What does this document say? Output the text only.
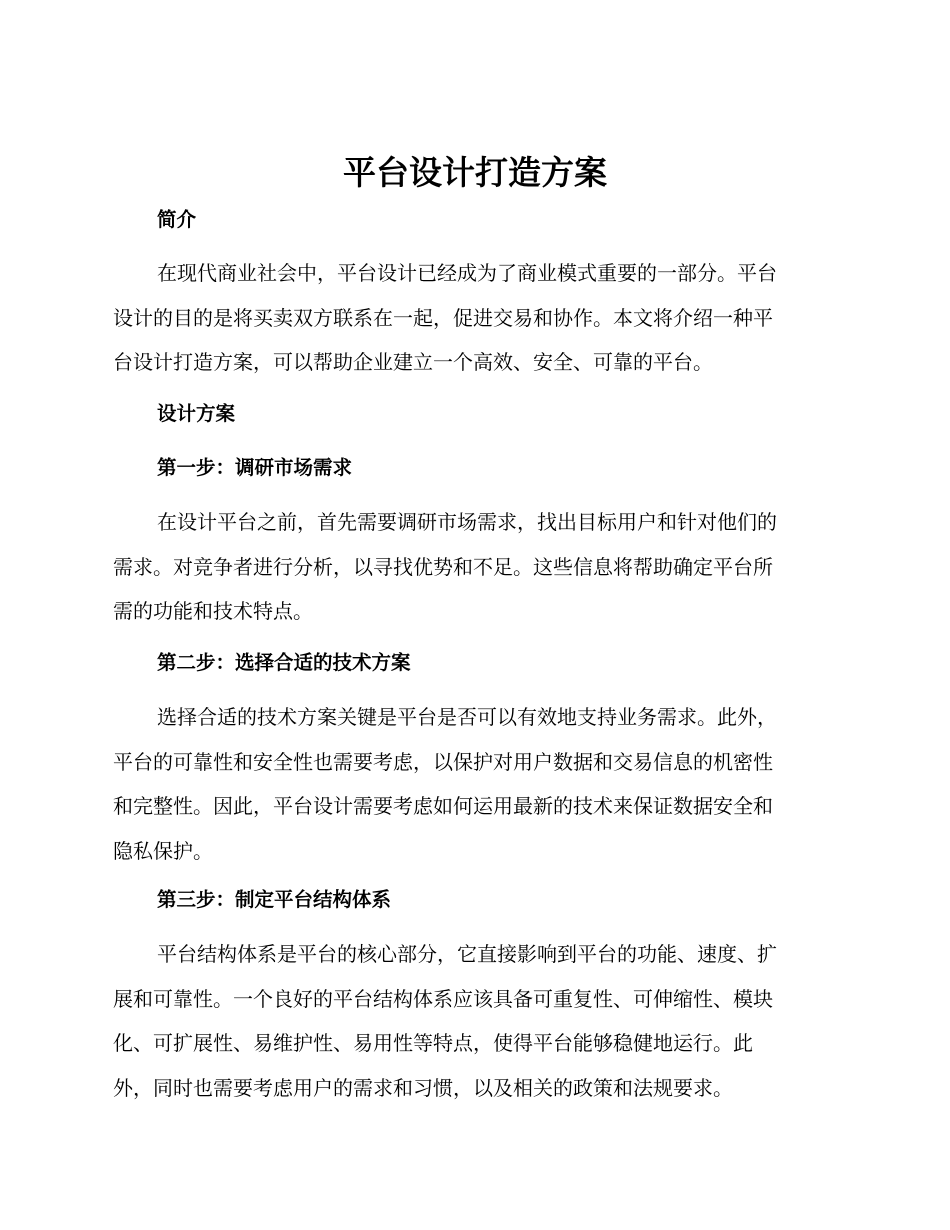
平台设计打造方案
简介
在现代商业社会中，平台设计已经成为了商业模式重要的一部分。平台
设计的目的是将买卖双方联系在一起，促进交易和协作。本文将介绍一种平
台设计打造方案，可以帮助企业建立一个高效、安全、可靠的平台。
设计方案
第一步：调研市场需求
在设计平台之前，首先需要调研市场需求，找出目标用户和针对他们的
需求。对竞争者进行分析，以寻找优势和不足。这些信息将帮助确定平台所
需的功能和技术特点。
第二步：选择合适的技术方案
选择合适的技术方案关键是平台是否可以有效地支持业务需求。此外，
平台的可靠性和安全性也需要考虑，以保护对用户数据和交易信息的机密性
和完整性。因此，平台设计需要考虑如何运用最新的技术来保证数据安全和
隐私保护。
第三步：制定平台结构体系
平台结构体系是平台的核心部分，它直接影响到平台的功能、速度、扩
展和可靠性。一个良好的平台结构体系应该具备可重复性、可伸缩性、模块
化、可扩展性、易维护性、易用性等特点，使得平台能够稳健地运行。此
外，同时也需要考虑用户的需求和习惯，以及相关的政策和法规要求。
